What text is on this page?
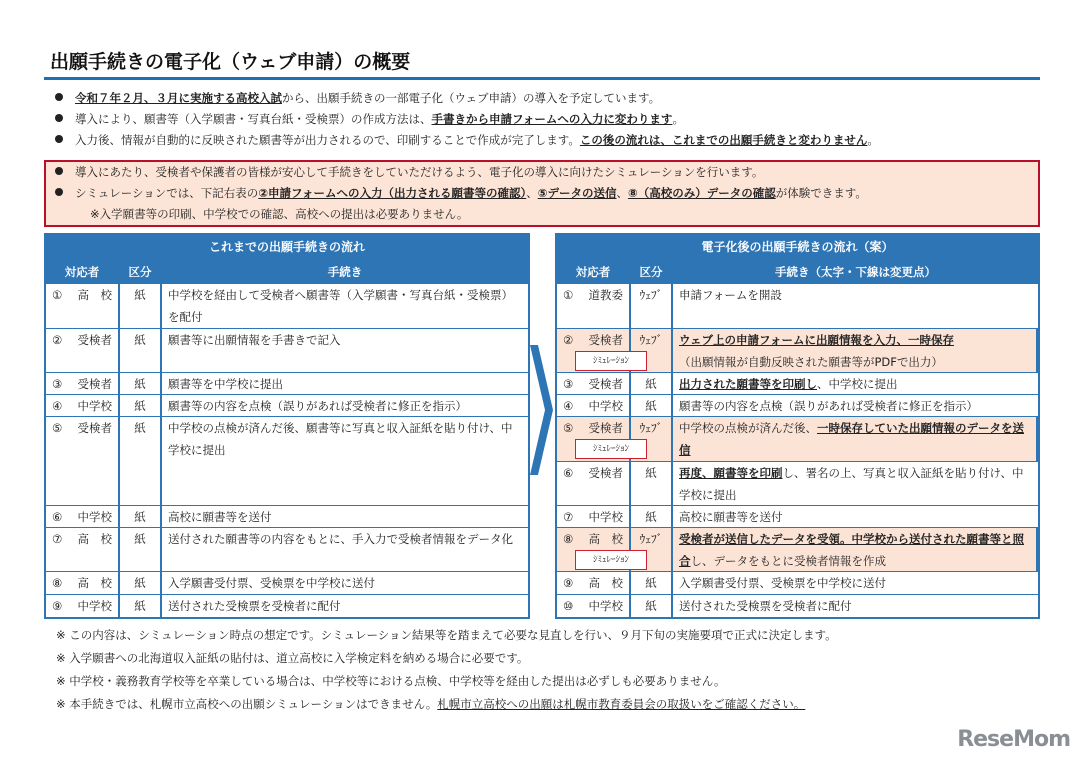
出願手続きの電子化（ウェブ申請）の概要
これまでの出願手続きの流れ
対応者	区分	手続き
① 高　校	紙	中学校を経由して受検者へ願書等（入学願書・写真台紙・受検票）を配付
② 受検者	紙	願書等に出願情報を手書きで記入
③ 受検者	紙	願書等を中学校に提出
④ 中学校	紙	願書等の内容を点検（誤りがあれば受検者に修正を指示）
⑤ 受検者	紙	中学校の点検が済んだ後、願書等に写真と収入証紙を貼り付け、中学校に提出
⑥ 中学校	紙	高校に願書等を送付
⑦ 高　校	紙	送付された願書等の内容をもとに、手入力で受検者情報をデータ化
⑧ 高　校	紙	入学願書受付票、受検票を中学校に送付
⑨ 中学校	紙	送付された受検票を受検者に配付
電子化後の出願手続きの流れ（案）
対応者	区分	手続き（太字・下線は変更点）
① 道教委	ｳｪﾌﾞ	申請フォームを開設
② 受検者	ｳｪﾌﾞ	ウェブ上の申請フォームに出願情報を入力、一時保存
（出願情報が自動反映された願書等がPDFで出力）
ｼﾐｭﾚｰｼｮﾝ
③ 受検者	紙	出力された願書等を印刷し、中学校に提出
④ 中学校	紙	願書等の内容を点検（誤りがあれば受検者に修正を指示）
⑤ 受検者	ｳｪﾌﾞ	中学校の点検が済んだ後、一時保存していた出願情報のデータを送信
ｼﾐｭﾚｰｼｮﾝ
⑥ 受検者	紙	再度、願書等を印刷し、署名の上、写真と収入証紙を貼り付け、中学校に提出
⑦ 中学校	紙	高校に願書等を送付
⑧ 高　校	ｳｪﾌﾞ	受検者が送信したデータを受領。中学校から送付された願書等と照合し、データをもとに受検者情報を作成
ｼﾐｭﾚｰｼｮﾝ
⑨ 高　校	紙	入学願書受付票、受検票を中学校に送付
⑩ 中学校	紙	送付された受検票を受検者に配付
ReseMom
令和７年２月、３月に実施する高校入試から、出願手続きの一部電子化（ウェブ申請）の導入を予定しています。
導入により、願書等（入学願書・写真台紙・受検票）の作成方法は、手書きから申請フォームへの入力に変わります。
入力後、情報が自動的に反映された願書等が出力されるので、印刷することで作成が完了します。この後の流れは、これまでの出願手続きと変わりません。
導入にあたり、受検者や保護者の皆様が安心して手続きをしていただけるよう、電子化の導入に向けたシミュレーションを行います。
シミュレーションでは、下記右表の②申請フォームへの入力（出力される願書等の確認）、⑤データの送信、⑧（高校のみ）データの確認が体験できます。
※入学願書等の印刷、中学校での確認、高校への提出は必要ありません。
※ この内容は、シミュレーション時点の想定です。シミュレーション結果等を踏まえて必要な見直しを行い、９月下旬の実施要項で正式に決定します。
※ 入学願書への北海道収入証紙の貼付は、道立高校に入学検定料を納める場合に必要です。
※ 中学校・義務教育学校等を卒業している場合は、中学校等における点検、中学校等を経由した提出は必ずしも必要ありません。
※ 本手続きでは、札幌市立高校への出願シミュレーションはできません。札幌市立高校への出願は札幌市教育委員会の取扱いをご確認ください。
